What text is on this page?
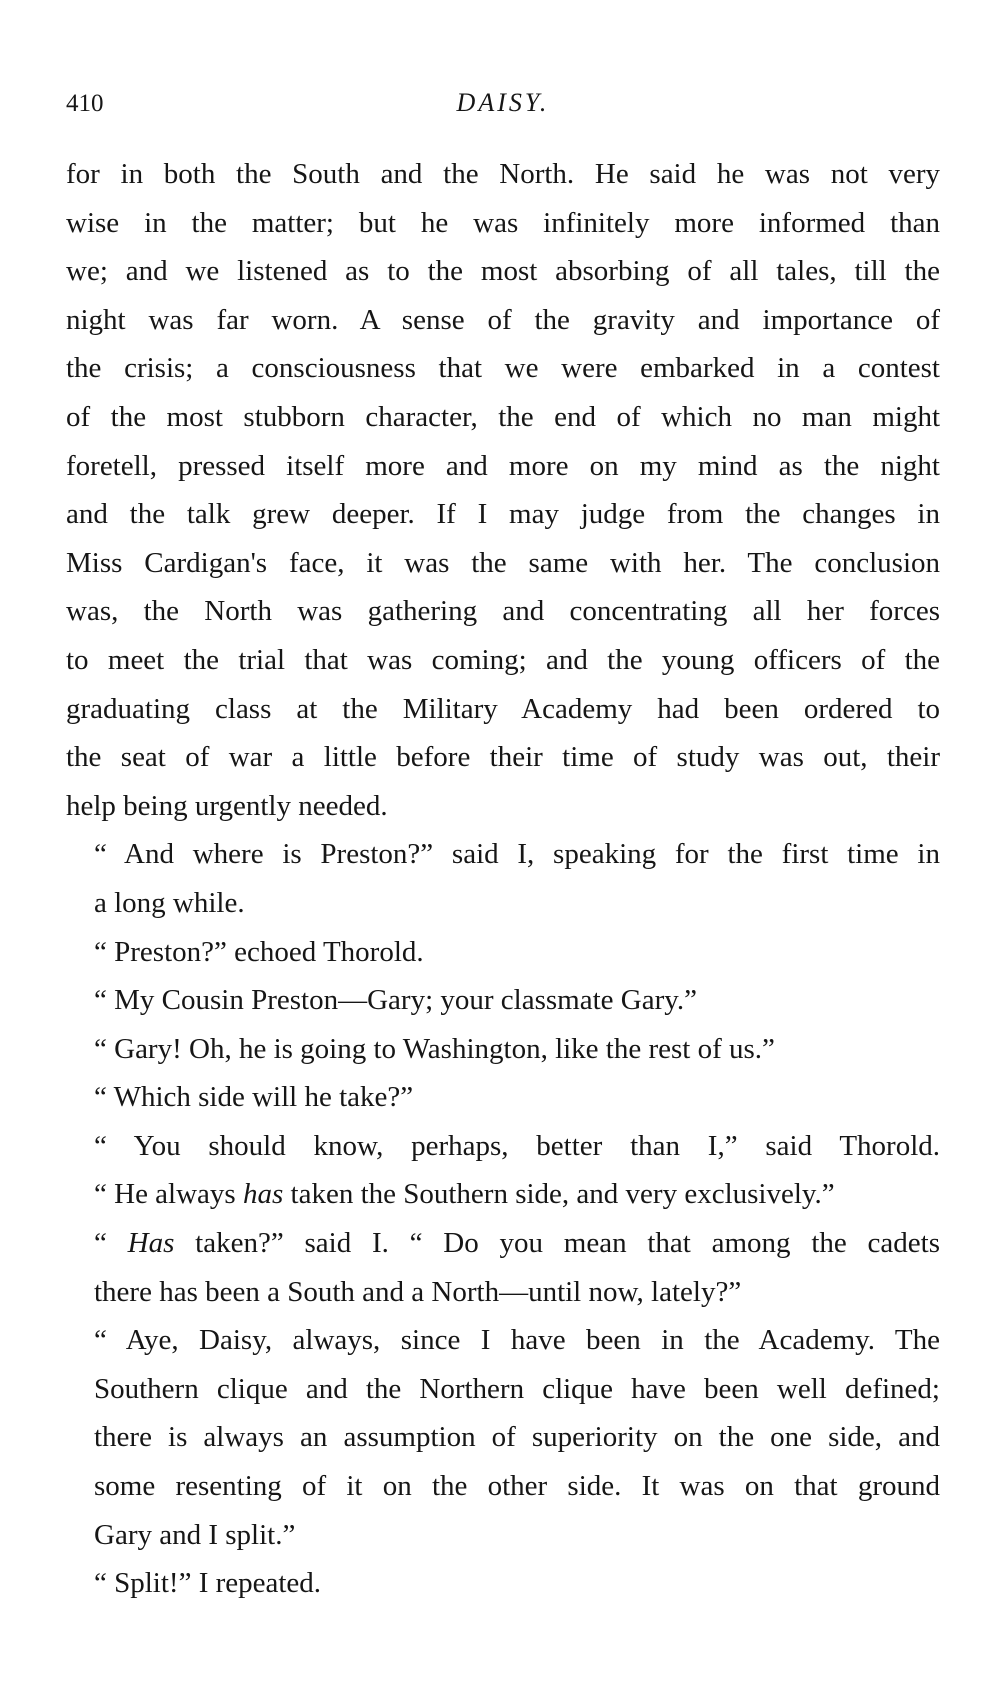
410	DAISY.

for in both the South and the North. He said he was not very
wise in the matter; but he was infinitely more informed than
we; and we listened as to the most absorbing of all tales, till the
night was far worn. A sense of the gravity and importance of
the crisis; a consciousness that we were embarked in a contest
of the most stubborn character, the end of which no man might
foretell, pressed itself more and more on my mind as the night
and the talk grew deeper. If I may judge from the changes in
Miss Cardigan's face, it was the same with her. The conclusion
was, the North was gathering and concentrating all her forces
to meet the trial that was coming; and the young officers of the
graduating class at the Military Academy had been ordered to
the seat of war a little before their time of study was out, their
help being urgently needed.

“ And where is Preston?” said I, speaking for the first time in
a long while.

“ Preston?” echoed Thorold.

“ My Cousin Preston—Gary; your classmate Gary.”

“ Gary! Oh, he is going to Washington, like the rest of us.”

“ Which side will he take?”

“ You should know, perhaps, better than I,” said Thorold.
“ He always has taken the Southern side, and very exclusively.”

“ Has taken?” said I. “ Do you mean that among the cadets
there has been a South and a North—until now, lately?”

“ Aye, Daisy, always, since I have been in the Academy. The
Southern clique and the Northern clique have been well defined;
there is always an assumption of superiority on the one side, and
some resenting of it on the other side. It was on that ground
Gary and I split.”

“ Split!” I repeated.
